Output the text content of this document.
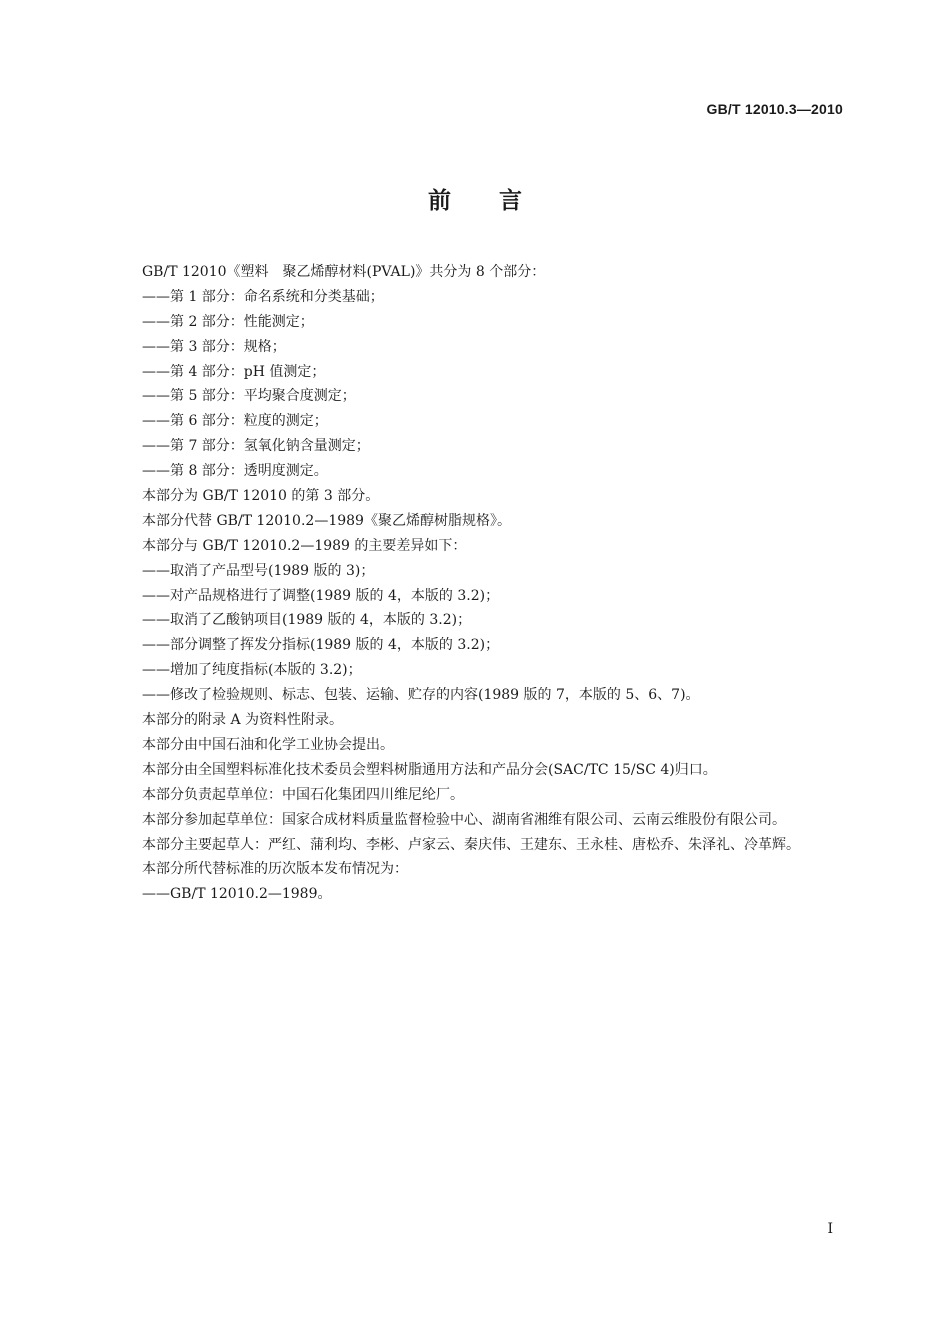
GB/T 12010.3—2010
前言
GB/T 12010《塑料　聚乙烯醇材料(PVAL)》共分为 8 个部分：
——第 1 部分：命名系统和分类基础；
——第 2 部分：性能测定；
——第 3 部分：规格；
——第 4 部分：pH 值测定；
——第 5 部分：平均聚合度测定；
——第 6 部分：粒度的测定；
——第 7 部分：氢氧化钠含量测定；
——第 8 部分：透明度测定。
本部分为 GB/T 12010 的第 3 部分。
本部分代替 GB/T 12010.2—1989《聚乙烯醇树脂规格》。
本部分与 GB/T 12010.2—1989 的主要差异如下：
——取消了产品型号(1989 版的 3)；
——对产品规格进行了调整(1989 版的 4，本版的 3.2)；
——取消了乙酸钠项目(1989 版的 4，本版的 3.2)；
——部分调整了挥发分指标(1989 版的 4，本版的 3.2)；
——增加了纯度指标(本版的 3.2)；
——修改了检验规则、标志、包装、运输、贮存的内容(1989 版的 7，本版的 5、6、7)。
本部分的附录 A 为资料性附录。
本部分由中国石油和化学工业协会提出。
本部分由全国塑料标准化技术委员会塑料树脂通用方法和产品分会(SAC/TC 15/SC 4)归口。
本部分负责起草单位：中国石化集团四川维尼纶厂。
本部分参加起草单位：国家合成材料质量监督检验中心、湖南省湘维有限公司、云南云维股份有限公司。
本部分主要起草人：严红、蒲利均、李彬、卢家云、秦庆伟、王建东、王永桂、唐松乔、朱泽礼、冷革辉。
本部分所代替标准的历次版本发布情况为：
——GB/T 12010.2—1989。
I
